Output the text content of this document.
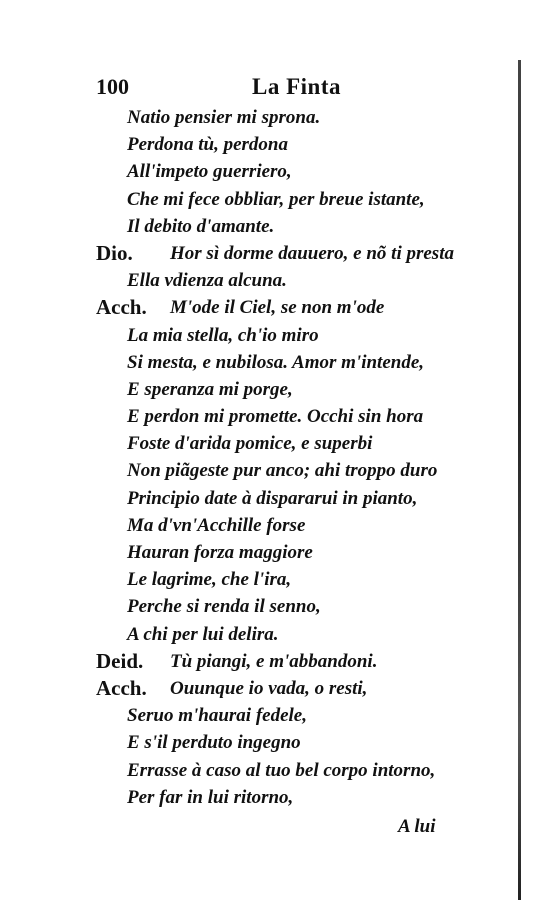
100	La Finta
Natio pensier mi sprona.
Perdona tù, perdona
All'impeto guerriero,
Che mi fece obbliar, per breue istante,
Il debito d'amante.
Dio. Hor sì dorme dauuero, e nõ ti presta
Ella vdienza alcuna.
Acch. M'ode il Ciel, se non m'ode
La mia stella, ch'io miro
Si mesta, e nubilosa. Amor m'intende,
E speranza mi porge,
E perdon mi promette. Occhi sin hora
Foste d'arida pomice, e superbi
Non piãgeste pur anco; ahi troppo duro
Principio date à dispararui in pianto,
Ma d'vn'Acchille forse
Hauran forza maggiore
Le lagrime, che l'ira,
Perche si renda il senno,
A chi per lui delira.
Deid. Tù piangi, e m'abbandoni.
Acch. Ouunque io vada, o resti,
Seruo m'haurai fedele,
E s'il perduto ingegno
Errasse à caso al tuo bel corpo intorno,
Per far in lui ritorno,
A lui
